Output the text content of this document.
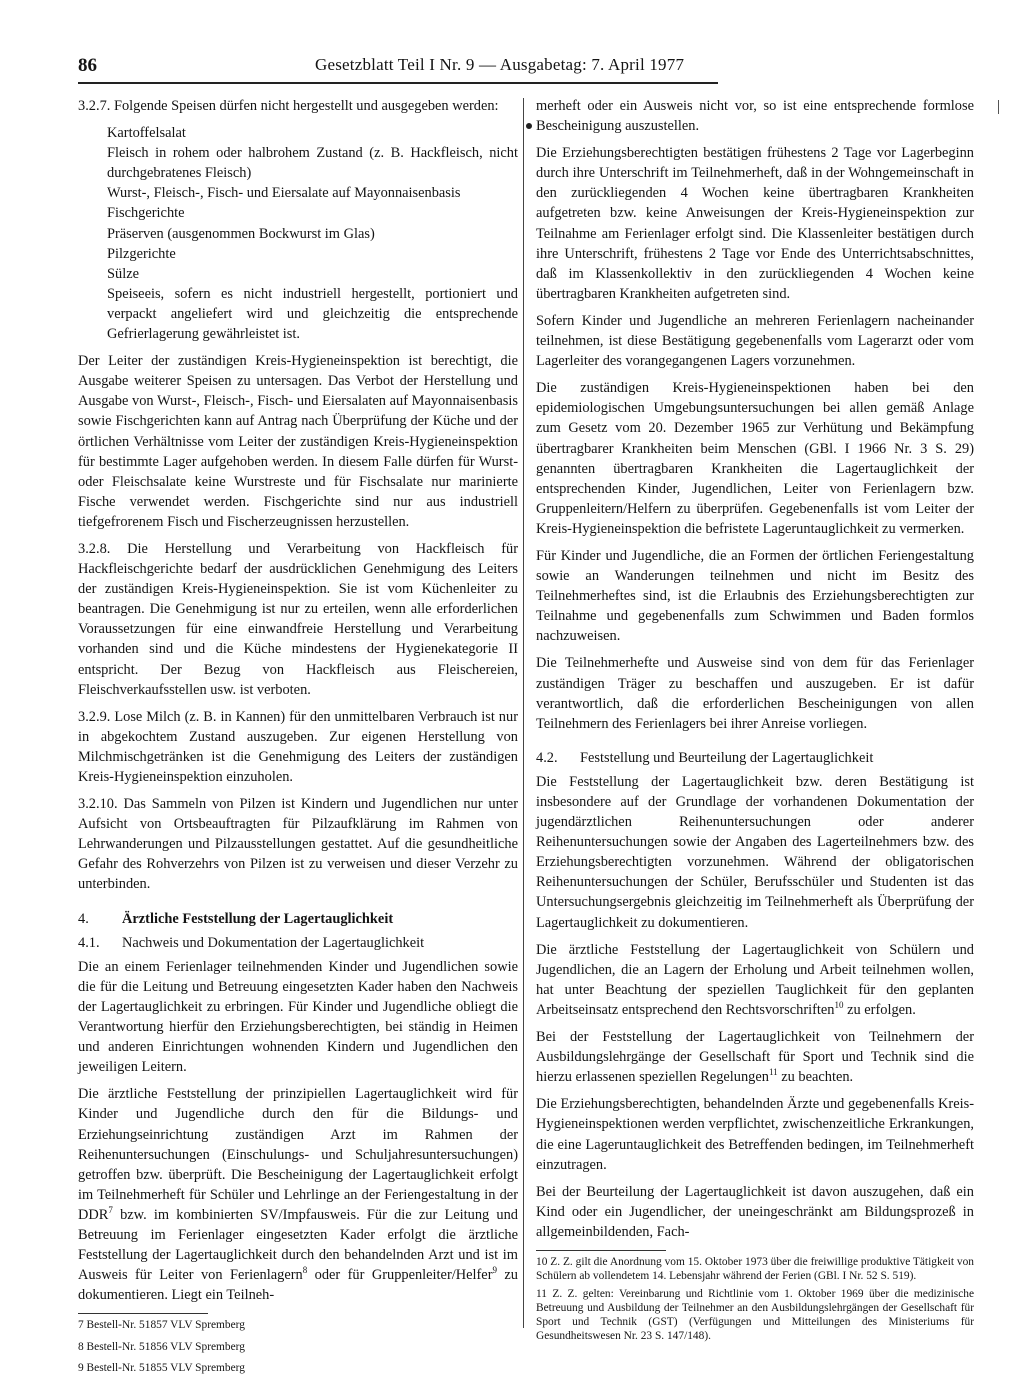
86	Gesetzblatt Teil I Nr. 9 — Ausgabetag: 7. April 1977

3.2.7. Folgende Speisen dürfen nicht hergestellt und ausgegeben werden:

Kartoffelsalat

Fleisch in rohem oder halbrohem Zustand (z. B. Hackfleisch, nicht durchgebratenes Fleisch)

Wurst-, Fleisch-, Fisch- und Eiersalate auf Mayonnaisenbasis

Fischgerichte

Präserven (ausgenommen Bockwurst im Glas)

Pilzgerichte

Sülze

Speiseeis, sofern es nicht industriell hergestellt, portioniert und verpackt angeliefert wird und gleichzeitig die entsprechende Gefrierlagerung gewährleistet ist.

Der Leiter der zuständigen Kreis-Hygieneinspektion ist berechtigt, die Ausgabe weiterer Speisen zu untersagen. Das Verbot der Herstellung und Ausgabe von Wurst-, Fleisch-, Fisch- und Eiersalaten auf Mayonnaisenbasis sowie Fischgerichten kann auf Antrag nach Überprüfung der Küche und der örtlichen Verhältnisse vom Leiter der zuständigen Kreis-Hygieneinspektion für bestimmte Lager aufgehoben werden. In diesem Falle dürfen für Wurst- oder Fleischsalate keine Wurstreste und für Fischsalate nur marinierte Fische verwendet werden. Fischgerichte sind nur aus industriell tiefgefrorenem Fisch und Fischerzeugnissen herzustellen.

3.2.8. Die Herstellung und Verarbeitung von Hackfleisch für Hackfleischgerichte bedarf der ausdrücklichen Genehmigung des Leiters der zuständigen Kreis-Hygieneinspektion. Sie ist vom Küchenleiter zu beantragen. Die Genehmigung ist nur zu erteilen, wenn alle erforderlichen Voraussetzungen für eine einwandfreie Herstellung und Verarbeitung vorhanden sind und die Küche mindestens der Hygienekategorie II entspricht. Der Bezug von Hackfleisch aus Fleischereien, Fleischverkaufsstellen usw. ist verboten.

3.2.9. Lose Milch (z. B. in Kannen) für den unmittelbaren Verbrauch ist nur in abgekochtem Zustand auszugeben. Zur eigenen Herstellung von Milchmischgetränken ist die Genehmigung des Leiters der zuständigen Kreis-Hygieneinspektion einzuholen.

3.2.10. Das Sammeln von Pilzen ist Kindern und Jugendlichen nur unter Aufsicht von Ortsbeauftragten für Pilzaufklärung im Rahmen von Lehrwanderungen und Pilzausstellungen gestattet. Auf die gesundheitliche Gefahr des Rohverzehrs von Pilzen ist zu verweisen und dieser Verzehr zu unterbinden.

4. Ärztliche Feststellung der Lagertauglichkeit
4.1. Nachweis und Dokumentation der Lagertauglichkeit

Die an einem Ferienlager teilnehmenden Kinder und Jugendlichen sowie die für die Leitung und Betreuung eingesetzten Kader haben den Nachweis der Lagertauglichkeit zu erbringen. Für Kinder und Jugendliche obliegt die Verantwortung hierfür den Erziehungsberechtigten, bei ständig in Heimen und anderen Einrichtungen wohnenden Kindern und Jugendlichen den jeweiligen Leitern.

Die ärztliche Feststellung der prinzipiellen Lagertauglichkeit wird für Kinder und Jugendliche durch den für die Bildungs- und Erziehungseinrichtung zuständigen Arzt im Rahmen der Reihenuntersuchungen (Einschulungs- und Schuljahresuntersuchungen) getroffen bzw. überprüft. Die Bescheinigung der Lagertauglichkeit erfolgt im Teilnehmerheft für Schüler und Lehrlinge an der Feriengestaltung in der DDR$^7$ bzw. im kombinierten SV/Impfausweis. Für die zur Leitung und Betreuung im Ferienlager eingesetzten Kader erfolgt die ärztliche Feststellung der Lagertauglichkeit durch den behandelnden Arzt und ist im Ausweis für Leiter von Ferienlagern$^8$ oder für Gruppenleiter/Helfer$^9$ zu dokumentieren. Liegt ein Teilneh-

7 Bestell-Nr. 51857 VLV Spremberg

8 Bestell-Nr. 51856 VLV Spremberg

9 Bestell-Nr. 51855 VLV Spremberg

merheft oder ein Ausweis nicht vor, so ist eine entsprechende formlose Bescheinigung auszustellen.

Die Erziehungsberechtigten bestätigen frühestens 2 Tage vor Lagerbeginn durch ihre Unterschrift im Teilnehmerheft, daß in der Wohngemeinschaft in den zurückliegenden 4 Wochen keine übertragbaren Krankheiten aufgetreten bzw. keine Anweisungen der Kreis-Hygieneinspektion zur Teilnahme am Ferienlager erfolgt sind. Die Klassenleiter bestätigen durch ihre Unterschrift, frühestens 2 Tage vor Ende des Unterrichtsabschnittes, daß im Klassenkollektiv in den zurückliegenden 4 Wochen keine übertragbaren Krankheiten aufgetreten sind.

Sofern Kinder und Jugendliche an mehreren Ferienlagern nacheinander teilnehmen, ist diese Bestätigung gegebenenfalls vom Lagerarzt oder vom Lagerleiter des vorangegangenen Lagers vorzunehmen.

Die zuständigen Kreis-Hygieneinspektionen haben bei den epidemiologischen Umgebungsuntersuchungen bei allen gemäß Anlage zum Gesetz vom 20. Dezember 1965 zur Verhütung und Bekämpfung übertragbarer Krankheiten beim Menschen (GBl. I 1966 Nr. 3 S. 29) genannten übertragbaren Krankheiten die Lagertauglichkeit der entsprechenden Kinder, Jugendlichen, Leiter von Ferienlagern bzw. Gruppenleitern/Helfern zu überprüfen. Gegebenenfalls ist vom Leiter der Kreis-Hygieneinspektion die befristete Lageruntauglichkeit zu vermerken.

Für Kinder und Jugendliche, die an Formen der örtlichen Feriengestaltung sowie an Wanderungen teilnehmen und nicht im Besitz des Teilnehmerheftes sind, ist die Erlaubnis des Erziehungsberechtigten zur Teilnahme und gegebenenfalls zum Schwimmen und Baden formlos nachzuweisen.

Die Teilnehmerhefte und Ausweise sind von dem für das Ferienlager zuständigen Träger zu beschaffen und auszugeben. Er ist dafür verantwortlich, daß die erforderlichen Bescheinigungen von allen Teilnehmern des Ferienlagers bei ihrer Anreise vorliegen.

4.2. Feststellung und Beurteilung der Lagertauglichkeit

Die Feststellung der Lagertauglichkeit bzw. deren Bestätigung ist insbesondere auf der Grundlage der vorhandenen Dokumentation der jugendärztlichen Reihenuntersuchungen oder anderer Reihenuntersuchungen sowie der Angaben des Lagerteilnehmers bzw. des Erziehungsberechtigten vorzunehmen. Während der obligatorischen Reihenuntersuchungen der Schüler, Berufsschüler und Studenten ist das Untersuchungsergebnis gleichzeitig im Teilnehmerheft als Überprüfung der Lagertauglichkeit zu dokumentieren.

Die ärztliche Feststellung der Lagertauglichkeit von Schülern und Jugendlichen, die an Lagern der Erholung und Arbeit teilnehmen wollen, hat unter Beachtung der speziellen Tauglichkeit für den geplanten Arbeitseinsatz entsprechend den Rechtsvorschriften$^{10}$ zu erfolgen.

Bei der Feststellung der Lagertauglichkeit von Teilnehmern der Ausbildungslehrgänge der Gesellschaft für Sport und Technik sind die hierzu erlassenen speziellen Regelungen$^{11}$ zu beachten.

Die Erziehungsberechtigten, behandelnden Ärzte und gegebenenfalls Kreis-Hygieneinspektionen werden verpflichtet, zwischenzeitliche Erkrankungen, die eine Lageruntauglichkeit des Betreffenden bedingen, im Teilnehmerheft einzutragen.

Bei der Beurteilung der Lagertauglichkeit ist davon auszugehen, daß ein Kind oder ein Jugendlicher, der uneingeschränkt am Bildungsprozeß in allgemeinbildenden, Fach-

10 Z. Z. gilt die Anordnung vom 15. Oktober 1973 über die freiwillige produktive Tätigkeit von Schülern ab vollendetem 14. Lebensjahr während der Ferien (GBl. I Nr. 52 S. 519).

11 Z. Z. gelten: Vereinbarung und Richtlinie vom 1. Oktober 1969 über die medizinische Betreuung und Ausbildung der Teilnehmer an den Ausbildungslehrgängen der Gesellschaft für Sport und Technik (GST) (Verfügungen und Mitteilungen des Ministeriums für Gesundheitswesen Nr. 23 S. 147/148).
